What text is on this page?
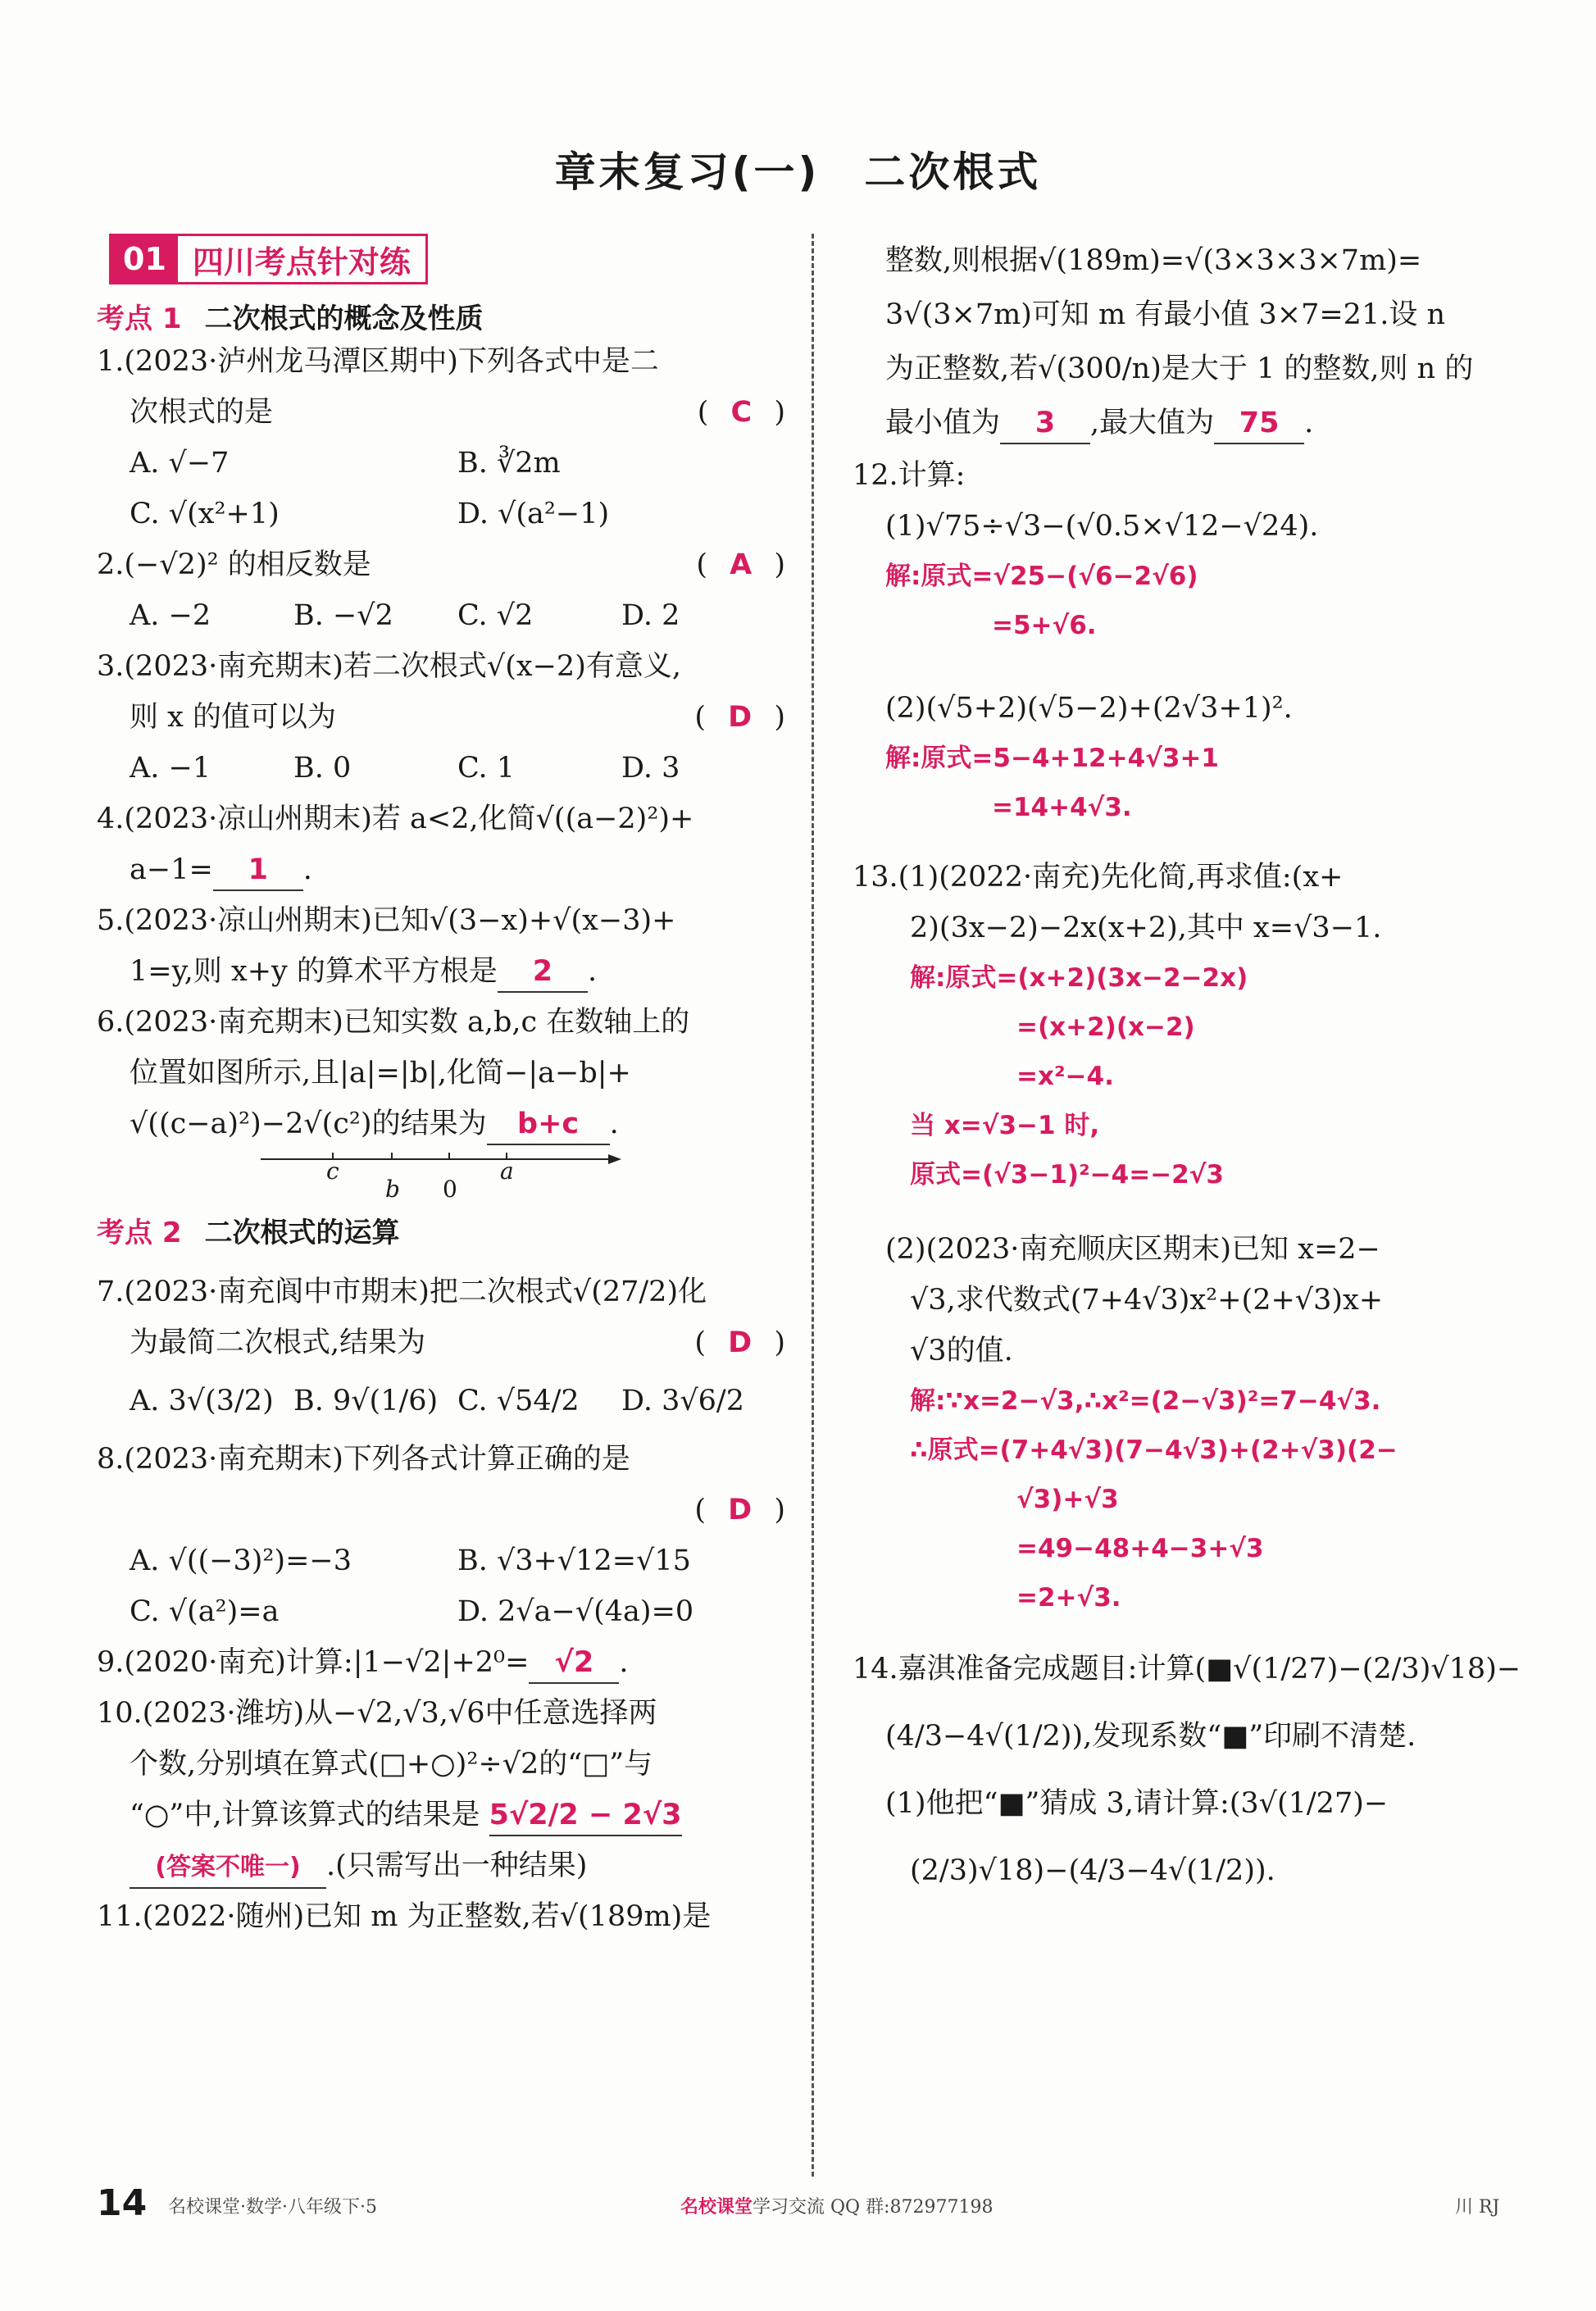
章末复习(一)　二次根式
01 四川考点针对练
考点 1 二次根式的概念及性质
1.(2023·泸州龙马潭区期中)下列各式中是二
次根式的是	( C )
A. √−7	B. ∛2m
C. √(x²+1)	D. √(a²−1)
2.(−√2)² 的相反数是	( A )
A. −2	B. −√2	C. √2	D. 2
3.(2023·南充期末)若二次根式√(x−2)有意义,
则 x 的值可以为	( D )
A. −1	B. 0	C. 1	D. 3
4.(2023·凉山州期末)若 a<2,化简√((a−2)²)+
a−1= 1 .
5.(2023·凉山州期末)已知√(3−x)+√(x−3)+
1=y,则 x+y 的算术平方根是 2 .
6.(2023·南充期末)已知实数 a,b,c 在数轴上的
位置如图所示,且|a|=|b|,化简−|a−b|+
√((c−a)²)−2√(c²)的结果为 b+c .
c
b 0
a
考点 2 二次根式的运算
7.(2023·南充阆中市期末)把二次根式√(27/2)化
为最简二次根式,结果为	( D )
A. 3√(3/2) B. 9√(1/6) C. √54/2	D. 3√6/2
8.(2023·南充期末)下列各式计算正确的是
( D )

A. √((−3)²)=−3	B. √3+√12=√15
C. √(a²)=a	D. 2√a−√(4a)=0
9.(2020·南充)计算:|1−√2|+2⁰= √2 .
10.(2023·潍坊)从−√2,√3,√6中任意选择两
个数,分别填在算式(□+○)²÷√2的“□”与
“○”中,计算该算式的结果是 5√2/2 − 2√3
(答案不唯一) .(只需写出一种结果)
11.(2022·随州)已知 m 为正整数,若√(189m)是
整数,则根据√(189m)=√(3×3×3×7m)=
3√(3×7m)可知 m 有最小值 3×7=21.设 n
为正整数,若√(300/n)是大于 1 的整数,则 n 的
最小值为 3 ,最大值为 75 .
12.计算:
(1)√75÷√3−(√0.5×√12−√24).
解:原式=√25−(√6−2√6)
=5+√6.
(2)(√5+2)(√5−2)+(2√3+1)².
解:原式=5−4+12+4√3+1
=14+4√3.
13.(1)(2022·南充)先化简,再求值:(x+
2)(3x−2)−2x(x+2),其中 x=√3−1.
解:原式=(x+2)(3x−2−2x)
=(x+2)(x−2)
=x²−4.
当 x=√3−1 时,
原式=(√3−1)²−4=−2√3
(2)(2023·南充顺庆区期末)已知 x=2−
√3,求代数式(7+4√3)x²+(2+√3)x+
√3的值.
解:∵x=2−√3,∴x²=(2−√3)²=7−4√3.
∴原式=(7+4√3)(7−4√3)+(2+√3)(2−
√3)+√3
=49−48+4−3+√3
=2+√3.
14.嘉淇准备完成题目:计算(■√(1/27)−(2/3)√18)−
(4/3−4√(1/2)),发现系数“■”印刷不清楚.
(1)他把“■”猜成 3,请计算:(3√(1/27)−
(2/3)√18)−(4/3−4√(1/2)).
14 名校课堂·数学·八年级下·5	名校课堂学习交流 QQ 群:872977198	川 RJ
